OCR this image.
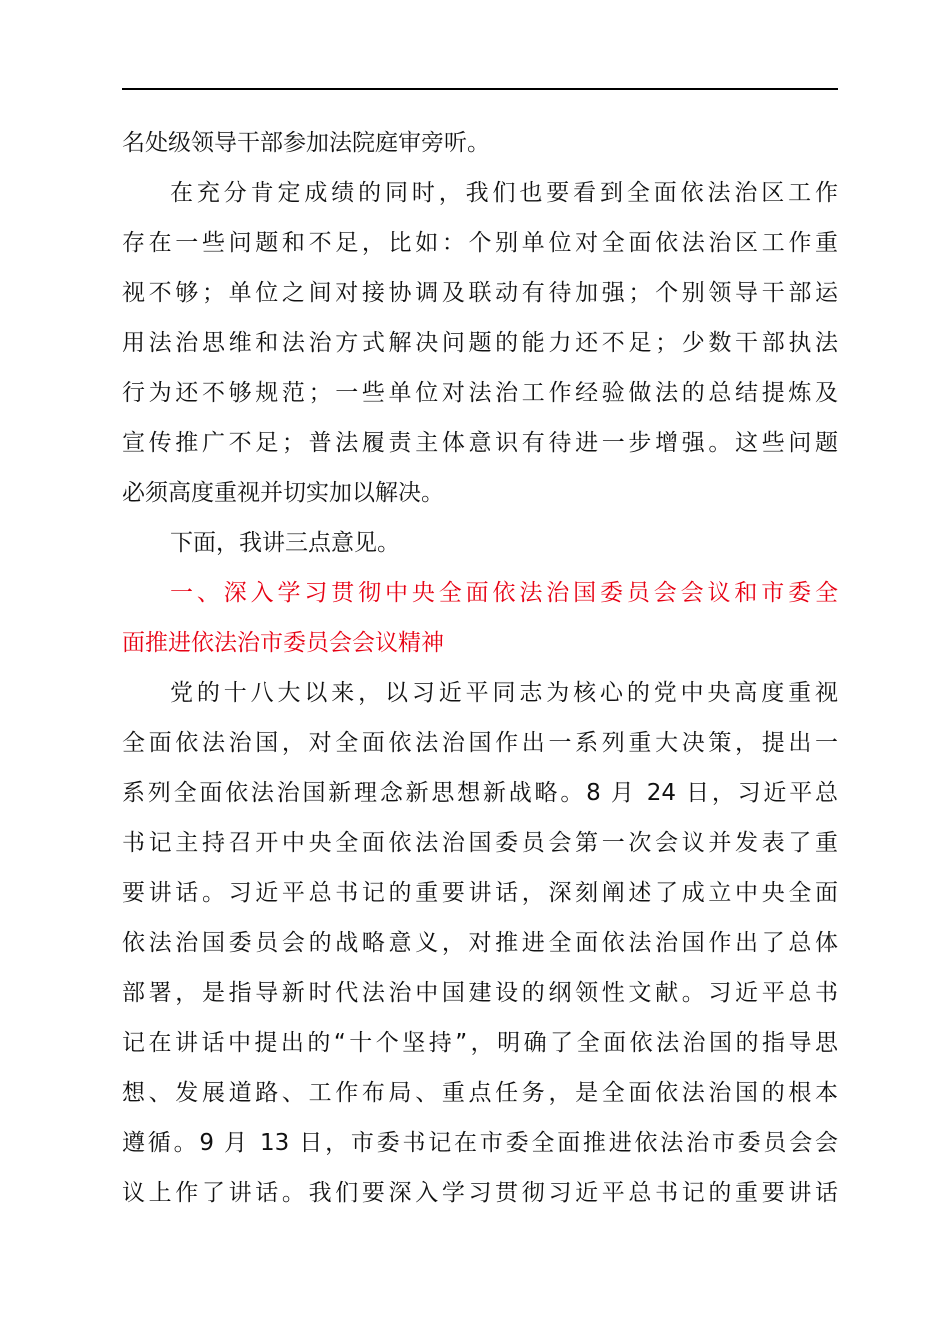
名处级领导干部参加法院庭审旁听。
在充分肯定成绩的同时，我们也要看到全面依法治区工作
存在一些问题和不足，比如：个别单位对全面依法治区工作重
视不够；单位之间对接协调及联动有待加强；个别领导干部运
用法治思维和法治方式解决问题的能力还不足；少数干部执法
行为还不够规范；一些单位对法治工作经验做法的总结提炼及
宣传推广不足；普法履责主体意识有待进一步增强。这些问题
必须高度重视并切实加以解决。
下面，我讲三点意见。
一、深入学习贯彻中央全面依法治国委员会会议和市委全
面推进依法治市委员会会议精神
党的十八大以来，以习近平同志为核心的党中央高度重视
全面依法治国，对全面依法治国作出一系列重大决策，提出一
系列全面依法治国新理念新思想新战略。8 月 24 日，习近平总
书记主持召开中央全面依法治国委员会第一次会议并发表了重
要讲话。习近平总书记的重要讲话，深刻阐述了成立中央全面
依法治国委员会的战略意义，对推进全面依法治国作出了总体
部署，是指导新时代法治中国建设的纲领性文献。习近平总书
记在讲话中提出的“十个坚持”，明确了全面依法治国的指导思
想、发展道路、工作布局、重点任务，是全面依法治国的根本
遵循。9 月 13 日，市委书记在市委全面推进依法治市委员会会
议上作了讲话。我们要深入学习贯彻习近平总书记的重要讲话
